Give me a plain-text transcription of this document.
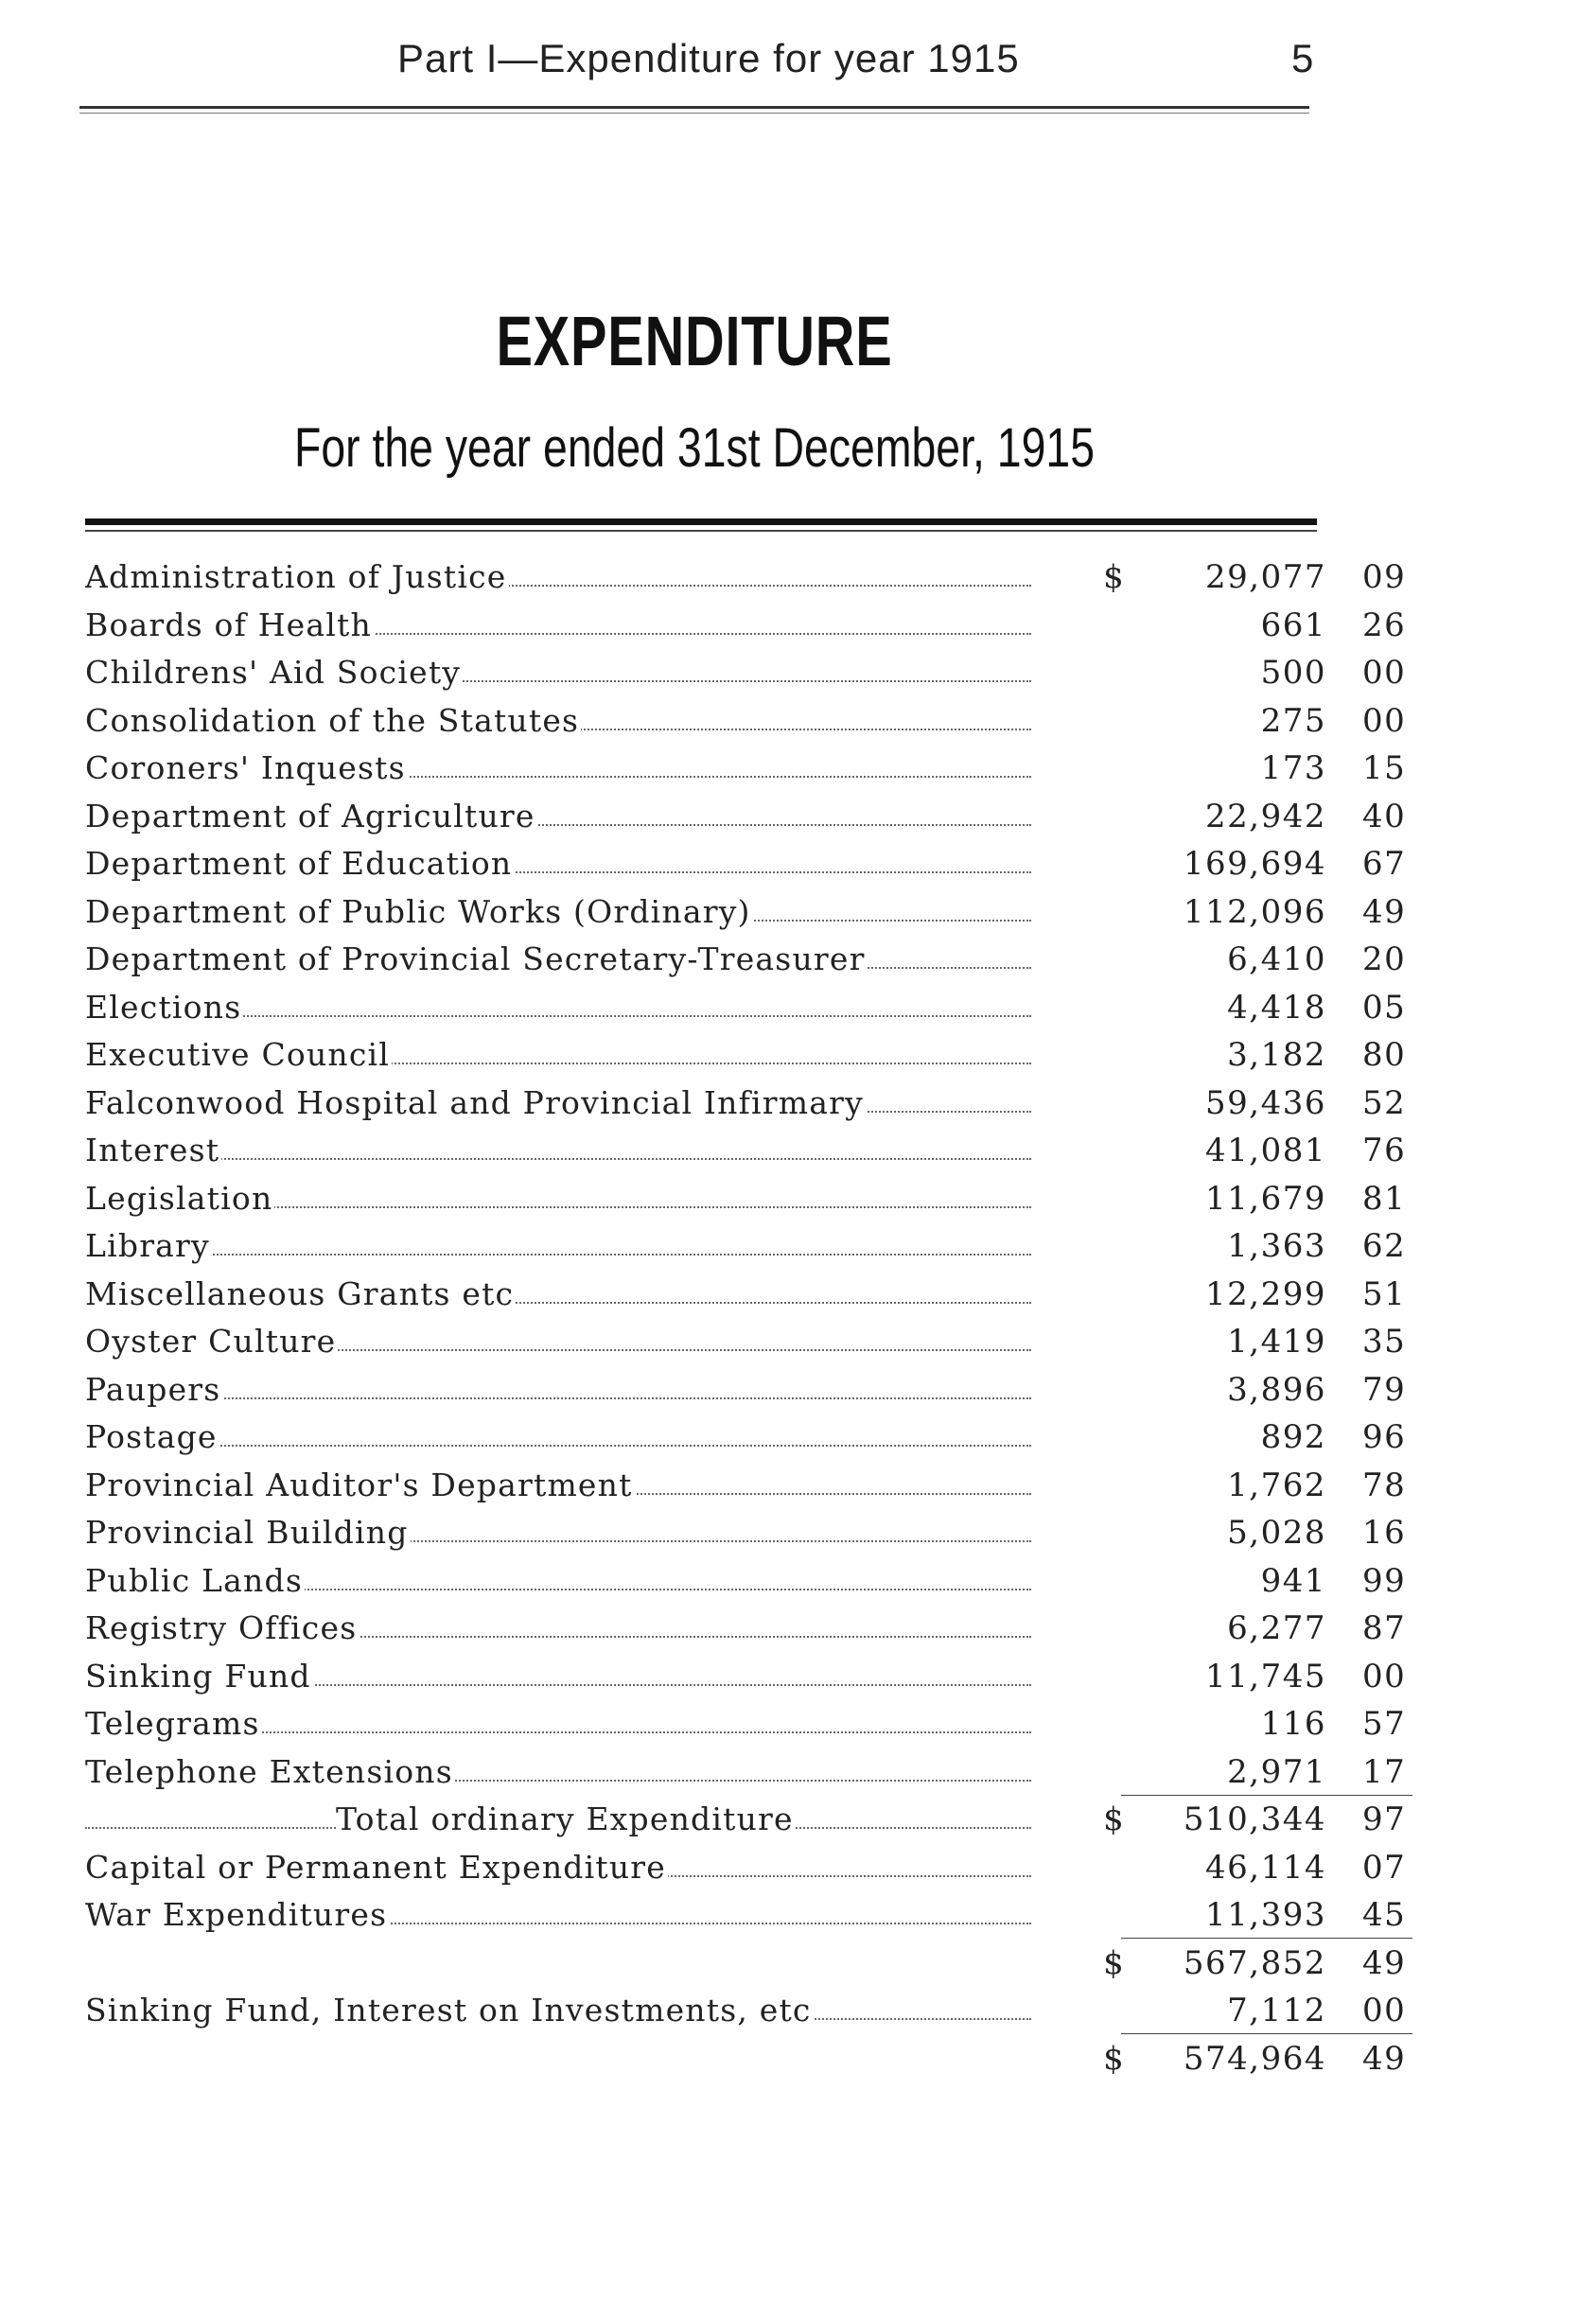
Part I—Expenditure for year 1915	5
EXPENDITURE
For the year ended 31st December, 1915
Administration of Justice	$	29,077 09
Boards of Health	661 26
Childrens' Aid Society	500 00
Consolidation of the Statutes	275 00
Coroners' Inquests	173 15
Department of Agriculture	22,942 40
Department of Education	169,694 67
Department of Public Works (Ordinary)	112,096 49
Department of Provincial Secretary-Treasurer	6,410 20
Elections	4,418 05
Executive Council	3,182 80
Falconwood Hospital and Provincial Infirmary	59,436 52
Interest	41,081 76
Legislation	11,679 81
Library	1,363 62
Miscellaneous Grants etc	12,299 51
Oyster Culture	1,419 35
Paupers	3,896 79
Postage	892 96
Provincial Auditor's Department	1,762 78
Provincial Building	5,028 16
Public Lands	941 99
Registry Offices	6,277 87
Sinking Fund	11,745 00
Telegrams	116 57
Telephone Extensions	2,971 17
Total ordinary Expenditure	$	510,344 97
Capital or Permanent Expenditure	46,114 07
War Expenditures	11,393 45
$	567,852 49
Sinking Fund, Interest on Investments, etc	7,112 00
$	574,964 49
